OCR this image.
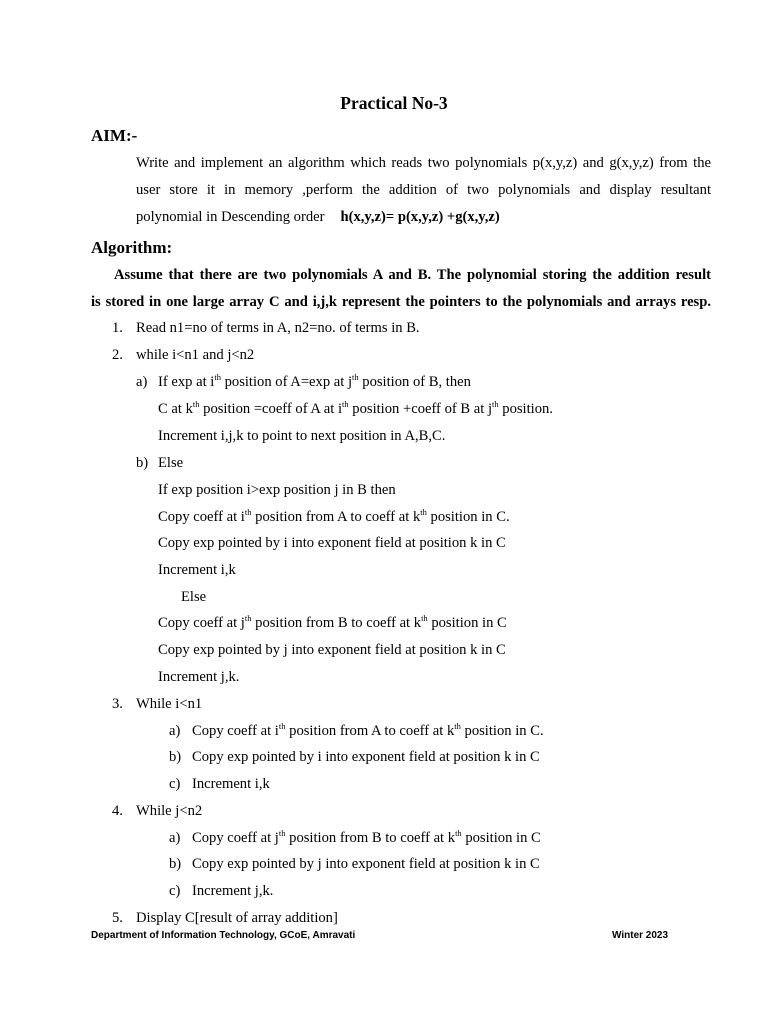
Practical No-3
AIM:-
Write and implement an algorithm which reads two polynomials p(x,y,z) and g(x,y,z) from the
user store it in memory ,perform the addition of two polynomials and display resultant
polynomial in Descending order h(x,y,z)= p(x,y,z) +g(x,y,z)
Algorithm:
Assume that there are two polynomials A and B. The polynomial storing the addition result
is stored in one large array C and i,j,k represent the pointers to the polynomials and arrays resp.
1. Read n1=no of terms in A, n2=no. of terms in B.
2. while i<n1 and j<n2
a) If exp at $i^{th}$ position of A=exp at $j^{th}$ position of B, then
C at $k^{th}$ position =coeff of A at $i^{th}$ position +coeff of B at $j^{th}$ position.
Increment i,j,k to point to next position in A,B,C.
b) Else
If exp position i>exp position j in B then
Copy coeff at $i^{th}$ position from A to coeff at $k^{th}$ position in C.
Copy exp pointed by i into exponent field at position k in C
Increment i,k
Else
Copy coeff at $j^{th}$ position from B to coeff at $k^{th}$ position in C
Copy exp pointed by j into exponent field at position k in C
Increment j,k.
3. While i<n1
a) Copy coeff at $i^{th}$ position from A to coeff at $k^{th}$ position in C.
b) Copy exp pointed by i into exponent field at position k in C
c) Increment i,k
4. While j<n2
a) Copy coeff at $j^{th}$ position from B to coeff at $k^{th}$ position in C
b) Copy exp pointed by j into exponent field at position k in C
c) Increment j,k.
5. Display C[result of array addition]
Department of Information Technology, GCoE, Amravati	Winter 2023
